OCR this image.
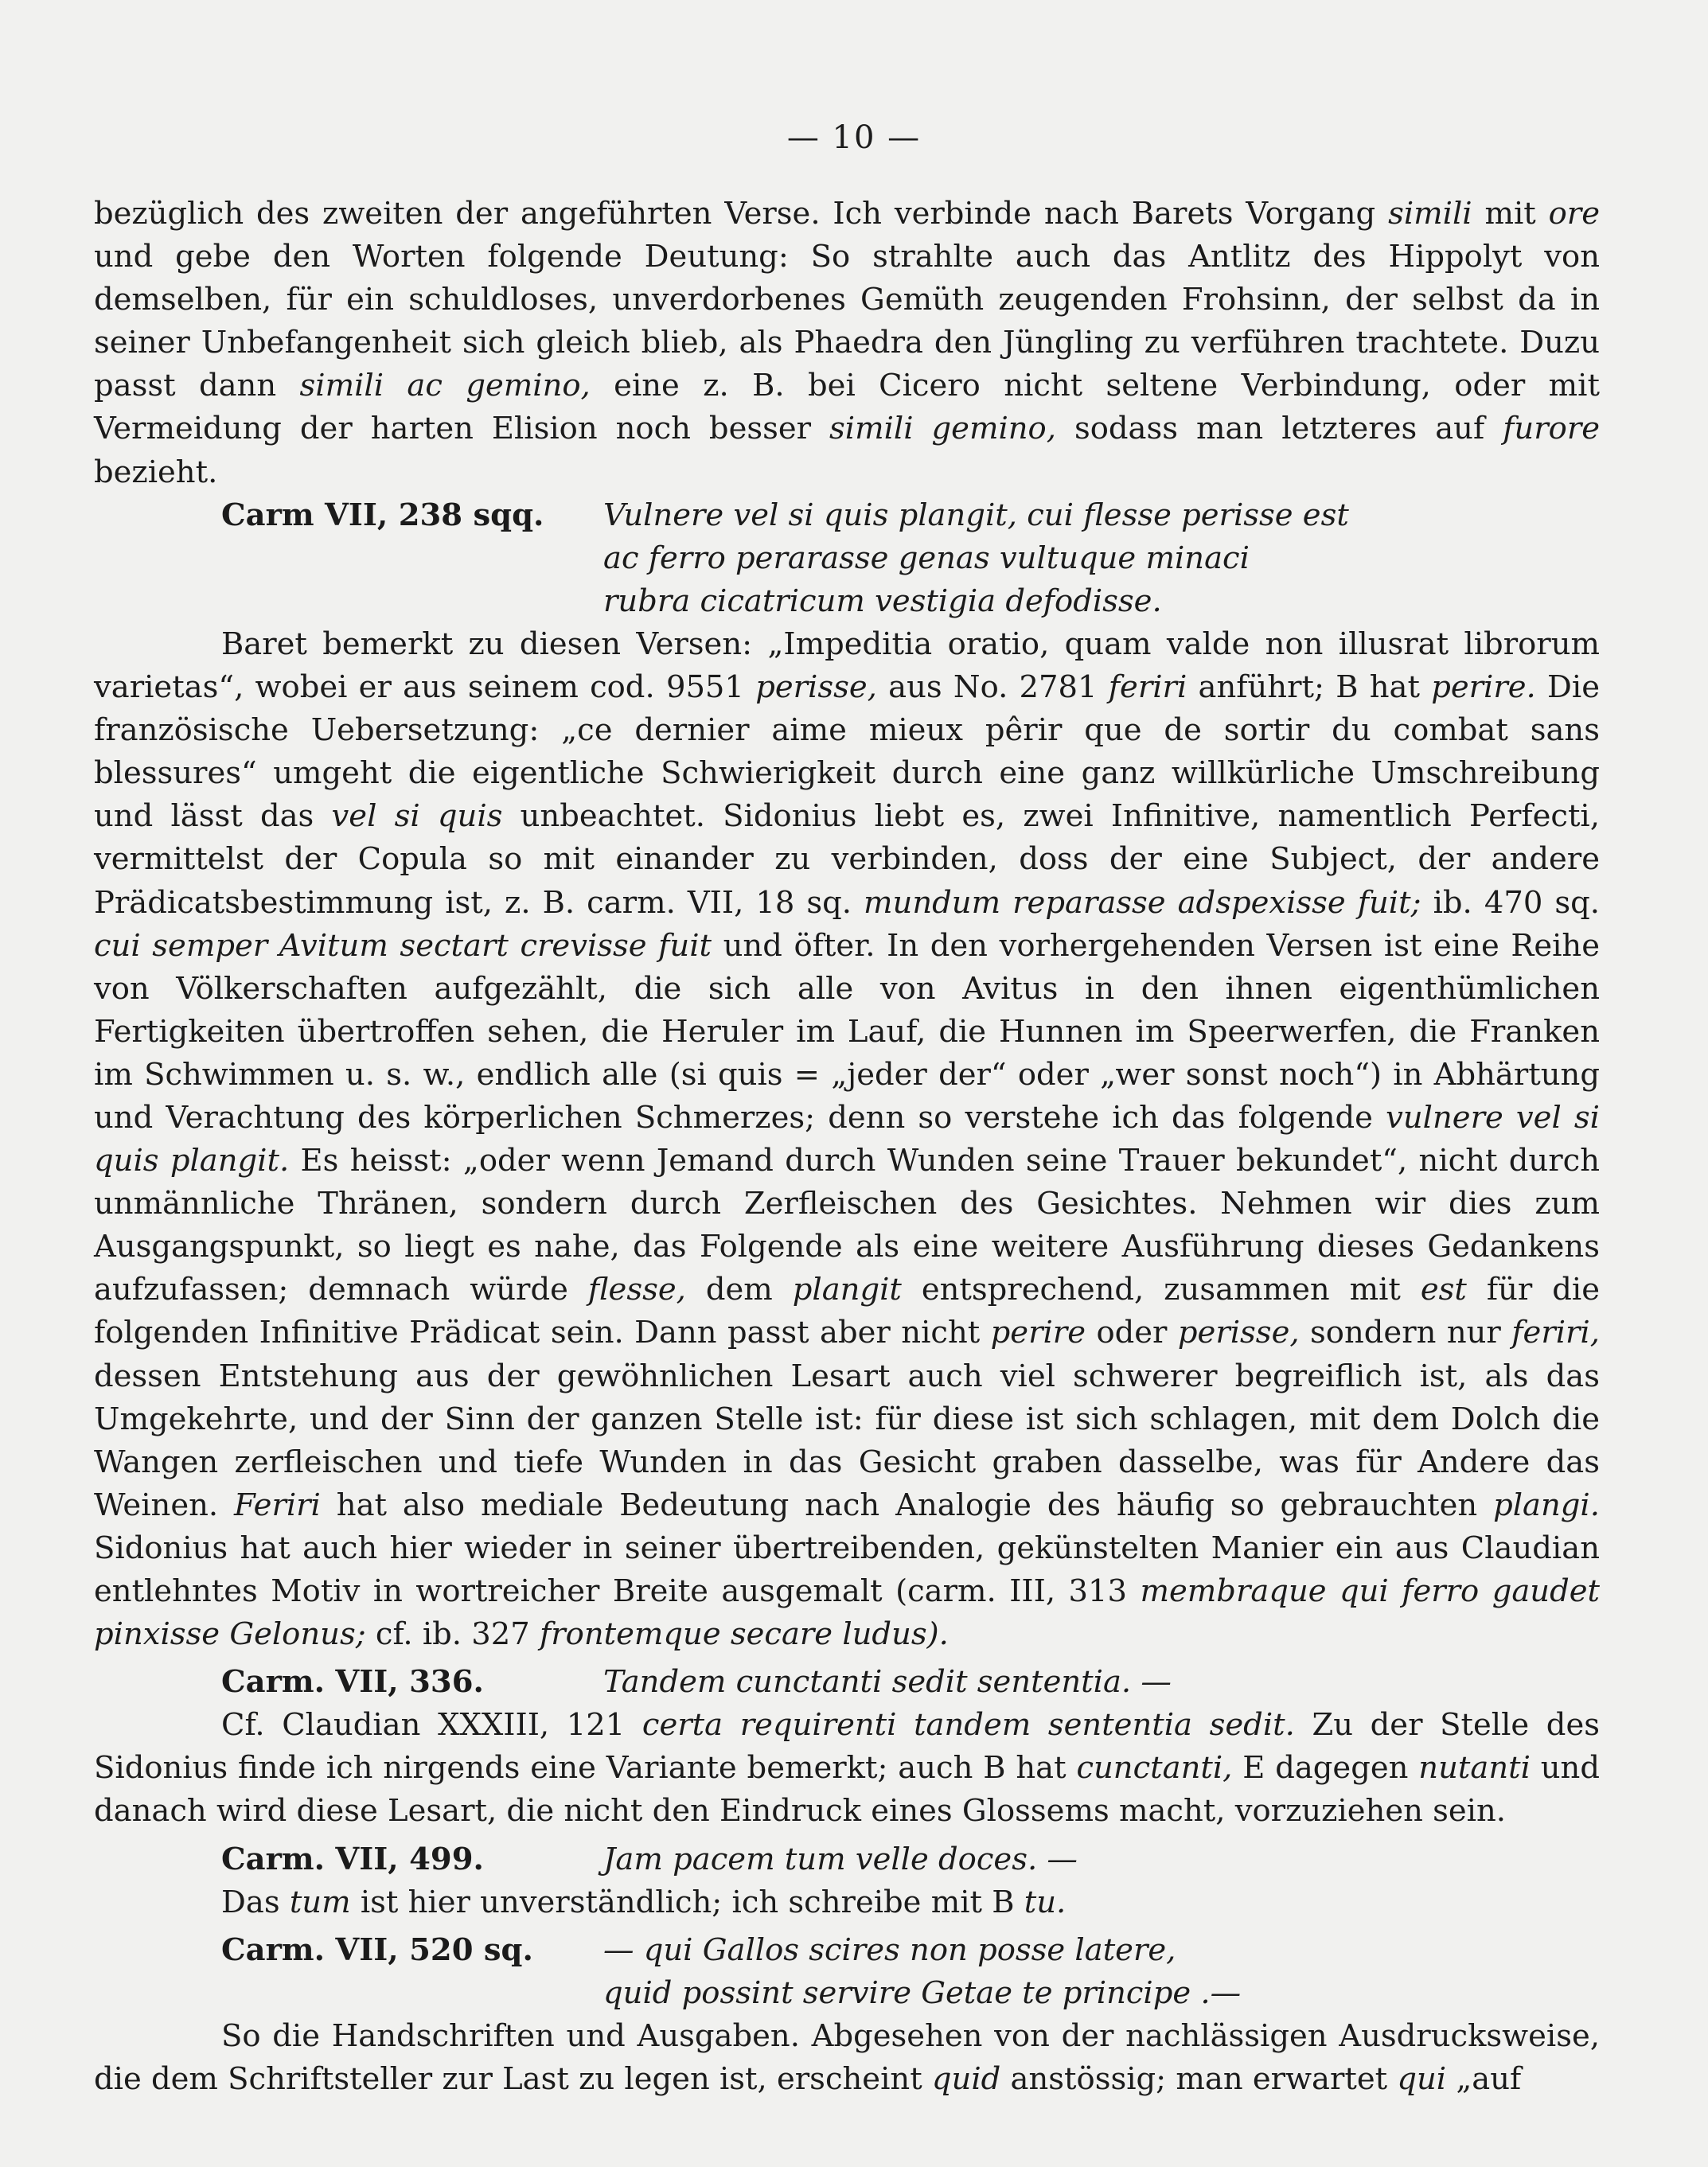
— 10 —

bezüglich des zweiten der angeführten Verse. Ich verbinde nach Barets Vorgang simili mit ore und gebe den Worten folgende Deutung: So strahlte auch das Antlitz des Hippolyt von demselben, für ein schuldloses, unverdorbenes Gemüth zeugenden Frohsinn, der selbst da in seiner Unbefangenheit sich gleich blieb, als Phaedra den Jüngling zu verführen trachtete. Duzu passt dann simili ac gemino, eine z. B. bei Cicero nicht seltene Verbindung, oder mit Vermeidung der harten Elision noch besser simili gemino, sodass man letzteres auf furore bezieht.

Carm VII, 238 sqq.	Vulnere vel si quis plangit, cui flesse perisse est
ac ferro perarasse genas vultuque minaci
rubra cicatricum vestigia defodisse.

Baret bemerkt zu diesen Versen: „Impeditia oratio, quam valde non illusrat librorum varietas“, wobei er aus seinem cod. 9551 perisse, aus No. 2781 feriri anführt; B hat perire. Die französische Uebersetzung: „ce dernier aime mieux pêrir que de sortir du combat sans blessures“ umgeht die eigentliche Schwierigkeit durch eine ganz willkürliche Umschreibung und lässt das vel si quis unbeachtet. Sidonius liebt es, zwei Infinitive, namentlich Perfecti, vermittelst der Copula so mit einander zu verbinden, doss der eine Subject, der andere Prädicatsbestimmung ist, z. B. carm. VII, 18 sq. mundum reparasse adspexisse fuit; ib. 470 sq. cui semper Avitum sectart crevisse fuit und öfter. In den vorhergehenden Versen ist eine Reihe von Völkerschaften aufgezählt, die sich alle von Avitus in den ihnen eigenthümlichen Fertigkeiten übertroffen sehen, die Heruler im Lauf, die Hunnen im Speerwerfen, die Franken im Schwimmen u. s. w., endlich alle (si quis = „jeder der“ oder „wer sonst noch“) in Abhärtung und Verachtung des körperlichen Schmerzes; denn so verstehe ich das folgende vulnere vel si quis plangit. Es heisst: „oder wenn Jemand durch Wunden seine Trauer bekundet“, nicht durch unmännliche Thränen, sondern durch Zerfleischen des Gesichtes. Nehmen wir dies zum Ausgangspunkt, so liegt es nahe, das Folgende als eine weitere Ausführung dieses Gedankens aufzufassen; demnach würde flesse, dem plangit entsprechend, zusammen mit est für die folgenden Infinitive Prädicat sein. Dann passt aber nicht perire oder perisse, sondern nur feriri, dessen Entstehung aus der gewöhnlichen Lesart auch viel schwerer begreiflich ist, als das Umgekehrte, und der Sinn der ganzen Stelle ist: für diese ist sich schlagen, mit dem Dolch die Wangen zerfleischen und tiefe Wunden in das Gesicht graben dasselbe, was für Andere das Weinen. Feriri hat also mediale Bedeutung nach Analogie des häufig so gebrauchten plangi. Sidonius hat auch hier wieder in seiner übertreibenden, gekünstelten Manier ein aus Claudian entlehntes Motiv in wortreicher Breite ausgemalt (carm. III, 313 membraque qui ferro gaudet pinxisse Gelonus; cf. ib. 327 frontemque secare ludus).

Carm. VII, 336.	Tandem cunctanti sedit sententia. —

Cf. Claudian XXXIII, 121 certa requirenti tandem sententia sedit. Zu der Stelle des Sidonius finde ich nirgends eine Variante bemerkt; auch B hat cunctanti, E dagegen nutanti und danach wird diese Lesart, die nicht den Eindruck eines Glossems macht, vorzuziehen sein.

Carm. VII, 499.	Jam pacem tum velle doces. —

Das tum ist hier unverständlich; ich schreibe mit B tu.

Carm. VII, 520 sq.	— qui Gallos scires non posse latere,
quid possint servire Getae te principe .—

So die Handschriften und Ausgaben. Abgesehen von der nachlässigen Ausdrucksweise, die dem Schriftsteller zur Last zu legen ist, erscheint quid anstössig; man erwartet qui „auf
